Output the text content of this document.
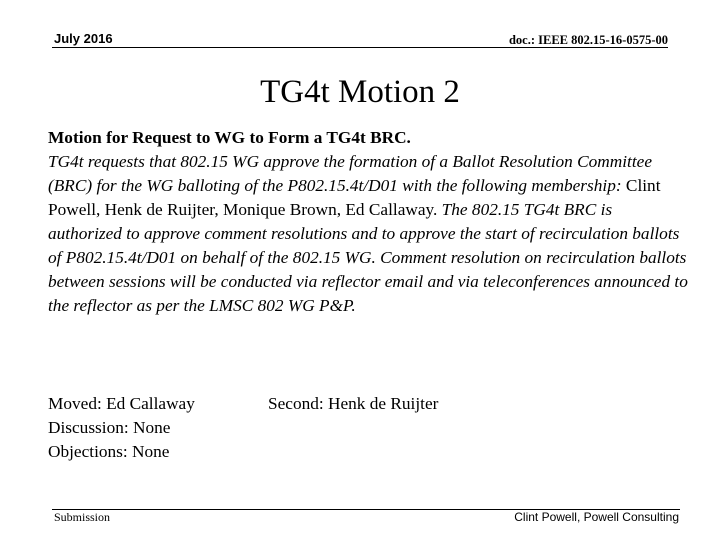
July 2016	doc.: IEEE 802.15-16-0575-00
TG4t Motion 2

Motion for Request to WG to Form a TG4t BRC.

TG4t requests that 802.15 WG approve the formation of a Ballot Resolution Committee (BRC) for the WG balloting of the P802.15.4t/D01 with the following membership: Clint Powell, Henk de Ruijter, Monique Brown, Ed Callaway. The 802.15 TG4t BRC is authorized to approve comment resolutions and to approve the start of recirculation ballots of P802.15.4t/D01 on behalf of the 802.15 WG. Comment resolution on recirculation ballots between sessions will be conducted via reflector email and via teleconferences announced to the reflector as per the LMSC 802 WG P&P.

Moved: Ed Callaway
Discussion: None
Objections: None
Second: Henk de Ruijter
Submission	Clint Powell, Powell Consulting
